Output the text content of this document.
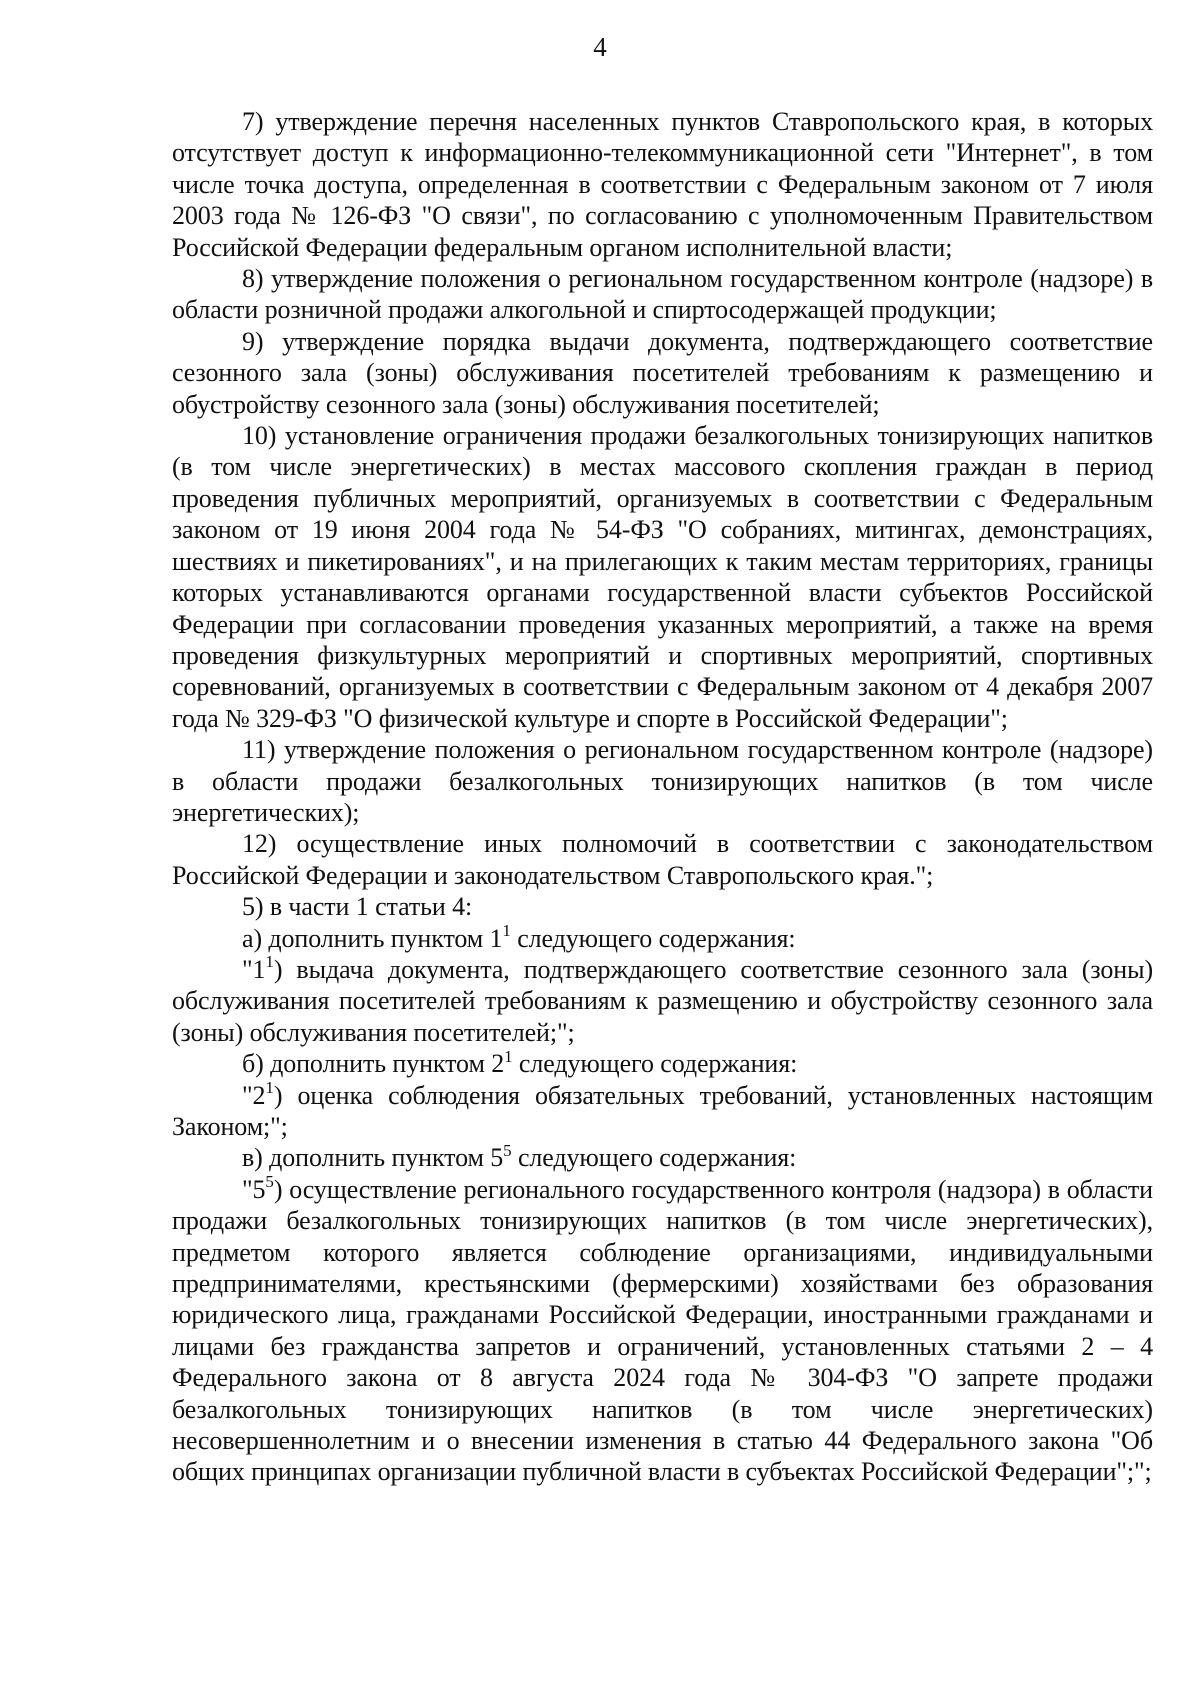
4

7) утверждение перечня населенных пунктов Ставропольского края, в которых отсутствует доступ к информационно-телекоммуникационной сети "Интернет", в том числе точка доступа, определенная в соответствии с Федеральным законом от 7 июля 2003 года № 126-ФЗ "О связи", по согласованию с уполномоченным Правительством Российской Федерации федеральным органом исполнительной власти;

8) утверждение положения о региональном государственном контроле (надзоре) в области розничной продажи алкогольной и спиртосодержащей продукции;

9) утверждение порядка выдачи документа, подтверждающего соответствие сезонного зала (зоны) обслуживания посетителей требованиям к размещению и обустройству сезонного зала (зоны) обслуживания посетителей;

10) установление ограничения продажи безалкогольных тонизирующих напитков (в том числе энергетических) в местах массового скопления граждан в период проведения публичных мероприятий, организуемых в соответствии с Федеральным законом от 19 июня 2004 года № 54-ФЗ "О собраниях, митингах, демонстрациях, шествиях и пикетированиях", и на прилегающих к таким местам территориях, границы которых устанавливаются органами государственной власти субъектов Российской Федерации при согласовании проведения указанных мероприятий, а также на время проведения физкультурных мероприятий и спортивных мероприятий, спортивных соревнований, организуемых в соответствии с Федеральным законом от 4 декабря 2007 года № 329-ФЗ "О физической культуре и спорте в Российской Федерации";

11) утверждение положения о региональном государственном контроле (надзоре) в области продажи безалкогольных тонизирующих напитков (в том числе энергетических);

12) осуществление иных полномочий в соответствии с законодательством Российской Федерации и законодательством Ставропольского края.";

5) в части 1 статьи 4:

а) дополнить пунктом $1^1$ следующего содержания:

"$1^1$) выдача документа, подтверждающего соответствие сезонного зала (зоны) обслуживания посетителей требованиям к размещению и обустройству сезонного зала (зоны) обслуживания посетителей;";

б) дополнить пунктом $2^1$ следующего содержания:

"$2^1$) оценка соблюдения обязательных требований, установленных настоящим Законом;";

в) дополнить пунктом $5^5$ следующего содержания:

"$5^5$) осуществление регионального государственного контроля (надзора) в области продажи безалкогольных тонизирующих напитков (в том числе энергетических), предметом которого является соблюдение организациями, индивидуальными предпринимателями, крестьянскими (фермерскими) хозяйствами без образования юридического лица, гражданами Российской Федерации, иностранными гражданами и лицами без гражданства запретов и ограничений, установленных статьями 2 – 4 Федерального закона от 8 августа 2024 года № 304-ФЗ "О запрете продажи безалкогольных тонизирующих напитков (в том числе энергетических) несовершеннолетним и о внесении изменения в статью 44 Федерального закона "Об общих принципах организации публичной власти в субъектах Российской Федерации";";
